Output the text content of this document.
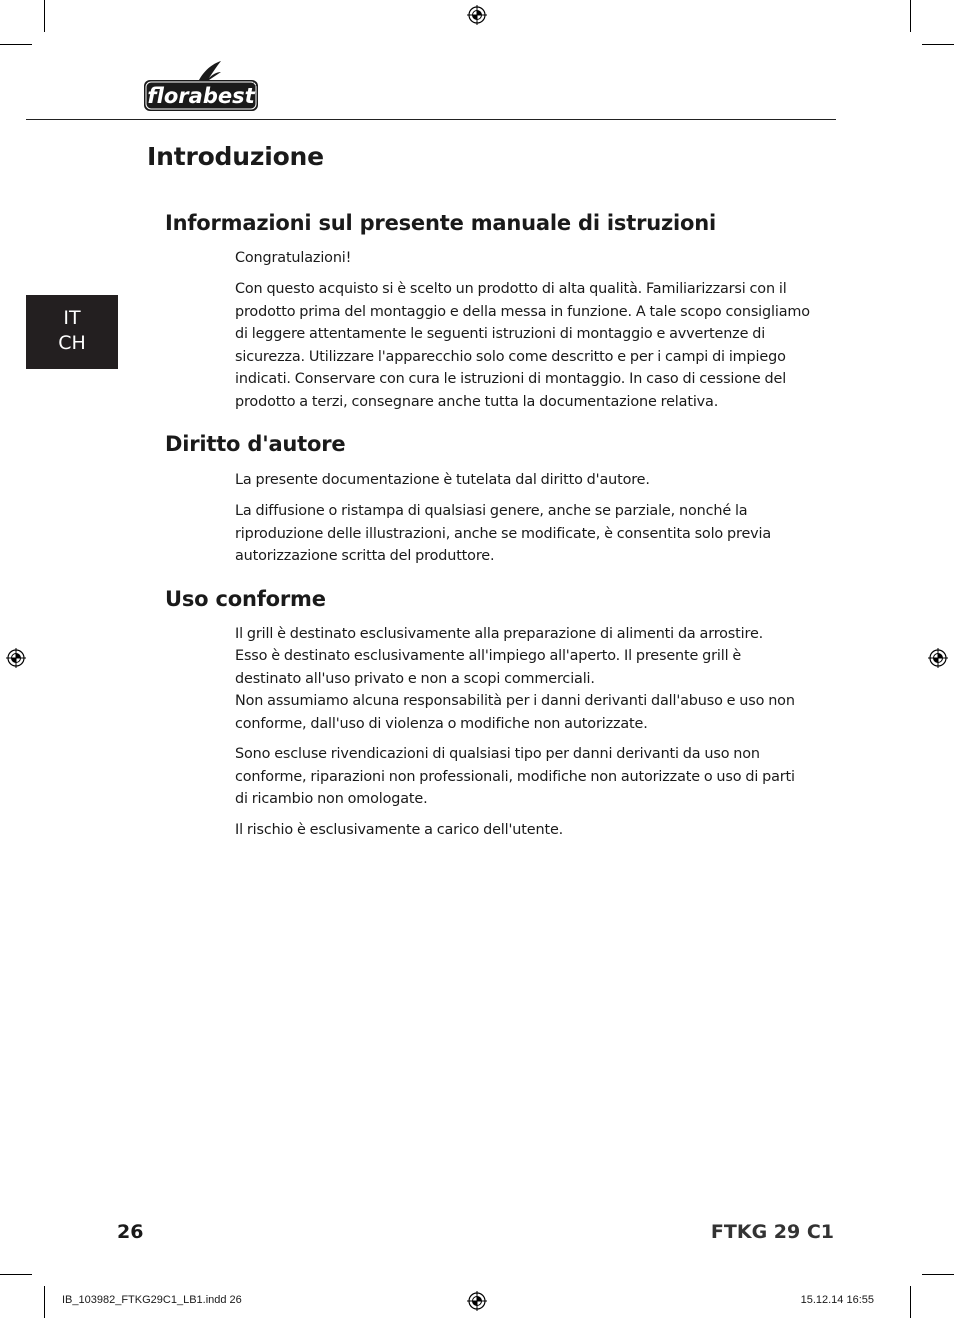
florabest
Introduzione
IT
CH
Informazioni sul presente manuale di istruzioni

Congratulazioni!

Con questo acquisto si è scelto un prodotto di alta qualità. Familiarizzarsi con il prodotto prima del montaggio e della messa in funzione. A tale scopo consigliamo di leggere attentamente le seguenti istruzioni di montaggio e avvertenze di sicurezza. Utilizzare l'apparecchio solo come descritto e per i campi di impiego indicati. Conservare con cura le istruzioni di montaggio. In caso di cessione del prodotto a terzi, consegnare anche tutta la documentazione relativa.

Diritto d'autore

La presente documentazione è tutelata dal diritto d'autore.

La diffusione o ristampa di qualsiasi genere, anche se parziale, nonché la riproduzione delle illustrazioni, anche se modificate, è consentita solo previa autorizzazione scritta del produttore.

Uso conforme

Il grill è destinato esclusivamente alla preparazione di alimenti da arrostire.

Esso è destinato esclusivamente all'impiego all'aperto. Il presente grill è destinato all'uso privato e non a scopi commerciali.

Non assumiamo alcuna responsabilità per i danni derivanti dall'abuso e uso non conforme, dall'uso di violenza o modifiche non autorizzate.

Sono escluse rivendicazioni di qualsiasi tipo per danni derivanti da uso non conforme, riparazioni non professionali, modifiche non autorizzate o uso di parti di ricambio non omologate.

Il rischio è esclusivamente a carico dell'utente.

26	FTKG 29 C1
IB_103982_FTKG29C1_LB1.indd 26	15.12.14 16:55
